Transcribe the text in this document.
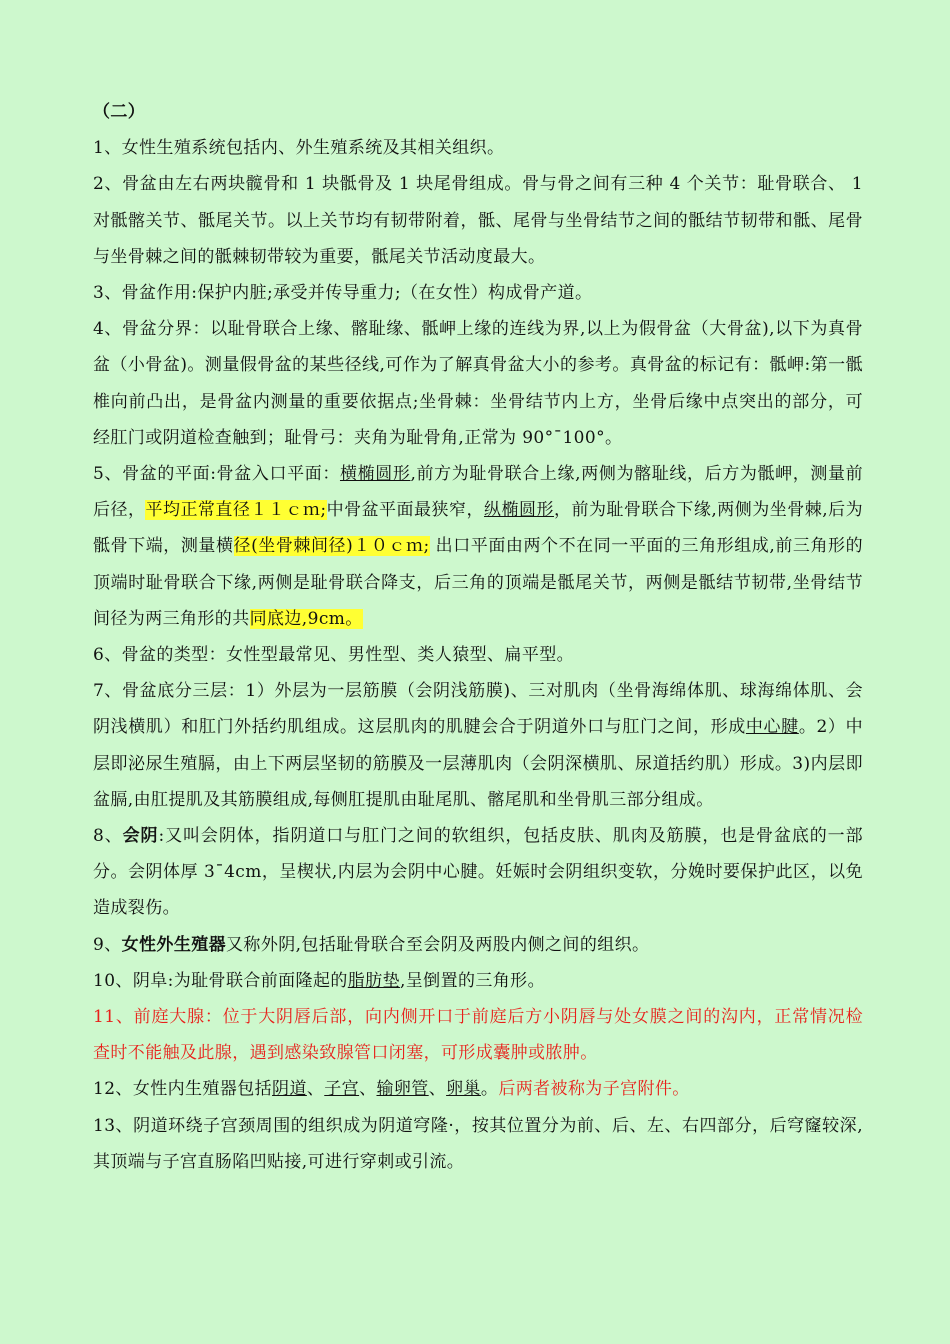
（二）

1、女性生殖系统包括内、外生殖系统及其相关组织。

2、骨盆由左右两块髋骨和 1 块骶骨及 1 块尾骨组成。骨与骨之间有三种 4 个关节：耻骨联合、 1 对骶髂关节、骶尾关节。以上关节均有韧带附着，骶、尾骨与坐骨结节之间的骶结节韧带和骶、尾骨与坐骨棘之间的骶棘韧带较为重要，骶尾关节活动度最大。

3、骨盆作用:保护内脏;承受并传导重力;（在女性）构成骨产道。

4、骨盆分界：以耻骨联合上缘、髂耻缘、骶岬上缘的连线为界,以上为假骨盆（大骨盆),以下为真骨盆（小骨盆)。测量假骨盆的某些径线,可作为了解真骨盆大小的参考。真骨盆的标记有：骶岬:第一骶椎向前凸出，是骨盆内测量的重要依据点;坐骨棘：坐骨结节内上方，坐骨后缘中点突出的部分，可经肛门或阴道检查触到；耻骨弓：夹角为耻骨角,正常为 90°¯100°。

5、骨盆的平面:骨盆入口平面：横椭圆形,前方为耻骨联合上缘,两侧为髂耻线，后方为骶岬，测量前后径，平均正常直径１１ｃｍ;中骨盆平面最狭窄，纵椭圆形，前为耻骨联合下缘,两侧为坐骨棘,后为骶骨下端，测量横径(坐骨棘间径)１０ｃｍ; 出口平面由两个不在同一平面的三角形组成,前三角形的顶端时耻骨联合下缘,两侧是耻骨联合降支，后三角的顶端是骶尾关节，两侧是骶结节韧带,坐骨结节间径为两三角形的共同底边,9cm。

6、骨盆的类型：女性型最常见、男性型、类人猿型、扁平型。

7、骨盆底分三层：1）外层为一层筋膜（会阴浅筋膜)、三对肌肉（坐骨海绵体肌、球海绵体肌、会阴浅横肌）和肛门外括约肌组成。这层肌肉的肌腱会合于阴道外口与肛门之间，形成中心腱。2）中层即泌尿生殖膈，由上下两层坚韧的筋膜及一层薄肌肉（会阴深横肌、尿道括约肌）形成。3)内层即盆膈,由肛提肌及其筋膜组成,每侧肛提肌由耻尾肌、髂尾肌和坐骨肌三部分组成。

8、会阴:又叫会阴体，指阴道口与肛门之间的软组织，包括皮肤、肌肉及筋膜，也是骨盆底的一部分。会阴体厚 3¯4cm，呈楔状,内层为会阴中心腱。妊娠时会阴组织变软，分娩时要保护此区，以免造成裂伤。

9、女性外生殖器又称外阴,包括耻骨联合至会阴及两股内侧之间的组织。

10、阴阜:为耻骨联合前面隆起的脂肪垫,呈倒置的三角形。

11、前庭大腺：位于大阴唇后部，向内侧开口于前庭后方小阴唇与处女膜之间的沟内，正常情况检查时不能触及此腺，遇到感染致腺管口闭塞，可形成囊肿或脓肿。

12、女性内生殖器包括阴道、子宫、输卵管、卵巢。后两者被称为子宫附件。

13、阴道环绕子宫颈周围的组织成为阴道穹隆·，按其位置分为前、后、左、右四部分，后穹窿较深,其顶端与子宫直肠陷凹贴接,可进行穿刺或引流。
